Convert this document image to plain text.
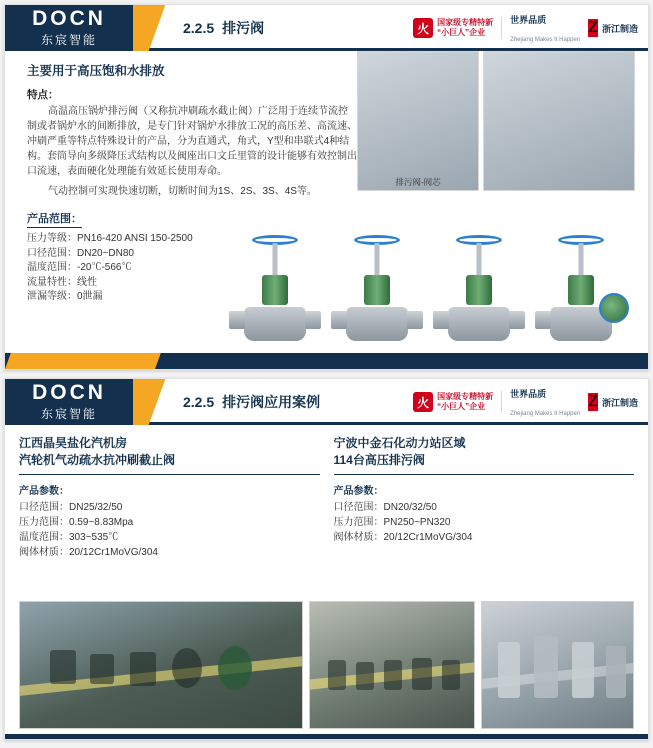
DOCN
东宸智能
2.2.5 排污阀	火	国家级专精特新
“小巨人”企业
世界品质
Zhejiang Makes It Happen
Z 浙江制造
主要用于高压饱和水排放
特点：
高温高压锅炉排污阀（又称抗冲刷疏水截止阀）广泛用于连续节流控制或者锅炉水的间断排放，是专门针对锅炉水排放工况的高压差、高流速、冲刷严重等特点特殊设计的产品，分为直通式，角式，Y型和串联式4种结构。套筒导向多级降压式结构以及阀座出口文丘里管的设计能够有效控制出口流速，表面硬化处理能有效延长使用寿命。
气动控制可实现快速切断，切断时间为1S、2S、3S、4S等。
产品范围：
压力等级：PN16-420 ANSI 150-2500
口径范围：DN20~DN80
温度范围：-20℃-566℃
流量特性：线性
泄漏等级：0泄漏
排污阀-阀芯
DOCN
东宸智能
2.2.5 排污阀应用案例	火	国家级专精特新
“小巨人”企业
世界品质
Zhejiang Makes It Happen
Z 浙江制造
江西晶昊盐化汽机房
汽轮机气动疏水抗冲刷截止阀
产品参数：
口径范围：DN25/32/50
压力范围：0.59~8.83Mpa
温度范围：303~535℃
阀体材质：20/12Cr1MoVG/304
宁波中金石化动力站区域
114台高压排污阀
产品参数：
口径范围：DN20/32/50
压力范围：PN250~PN320
阀体材质：20/12Cr1MoVG/304
